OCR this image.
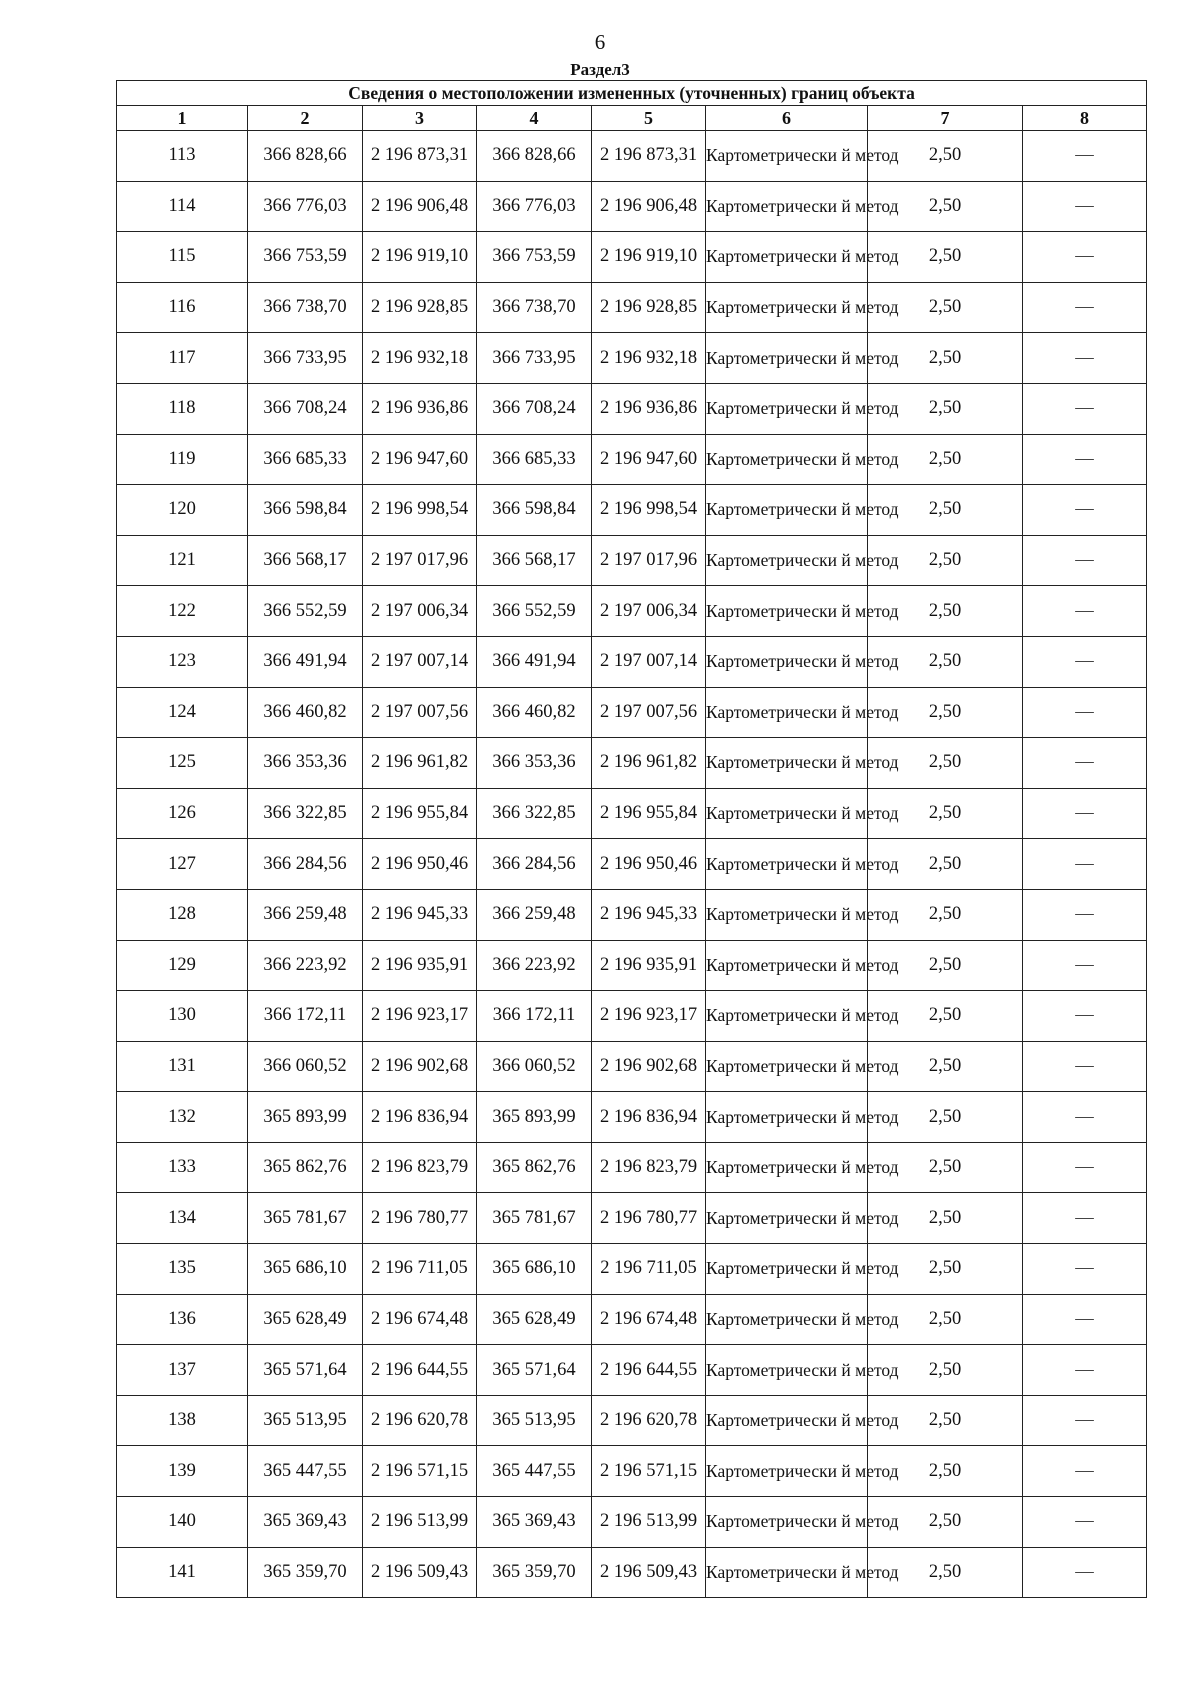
6
Раздел3
Сведения о местоположении измененных (уточненных) границ объекта							
1	2	3	4	5	6	7	8
113	366 828,66	2 196 873,31	366 828,66	2 196 873,31	Картометрически й метод	2,50	—
114	366 776,03	2 196 906,48	366 776,03	2 196 906,48	Картометрически й метод	2,50	—
115	366 753,59	2 196 919,10	366 753,59	2 196 919,10	Картометрически й метод	2,50	—
116	366 738,70	2 196 928,85	366 738,70	2 196 928,85	Картометрически й метод	2,50	—
117	366 733,95	2 196 932,18	366 733,95	2 196 932,18	Картометрически й метод	2,50	—
118	366 708,24	2 196 936,86	366 708,24	2 196 936,86	Картометрически й метод	2,50	—
119	366 685,33	2 196 947,60	366 685,33	2 196 947,60	Картометрически й метод	2,50	—
120	366 598,84	2 196 998,54	366 598,84	2 196 998,54	Картометрически й метод	2,50	—
121	366 568,17	2 197 017,96	366 568,17	2 197 017,96	Картометрически й метод	2,50	—
122	366 552,59	2 197 006,34	366 552,59	2 197 006,34	Картометрически й метод	2,50	—
123	366 491,94	2 197 007,14	366 491,94	2 197 007,14	Картометрически й метод	2,50	—
124	366 460,82	2 197 007,56	366 460,82	2 197 007,56	Картометрически й метод	2,50	—
125	366 353,36	2 196 961,82	366 353,36	2 196 961,82	Картометрически й метод	2,50	—
126	366 322,85	2 196 955,84	366 322,85	2 196 955,84	Картометрически й метод	2,50	—
127	366 284,56	2 196 950,46	366 284,56	2 196 950,46	Картометрически й метод	2,50	—
128	366 259,48	2 196 945,33	366 259,48	2 196 945,33	Картометрически й метод	2,50	—
129	366 223,92	2 196 935,91	366 223,92	2 196 935,91	Картометрически й метод	2,50	—
130	366 172,11	2 196 923,17	366 172,11	2 196 923,17	Картометрически й метод	2,50	—
131	366 060,52	2 196 902,68	366 060,52	2 196 902,68	Картометрически й метод	2,50	—
132	365 893,99	2 196 836,94	365 893,99	2 196 836,94	Картометрически й метод	2,50	—
133	365 862,76	2 196 823,79	365 862,76	2 196 823,79	Картометрически й метод	2,50	—
134	365 781,67	2 196 780,77	365 781,67	2 196 780,77	Картометрически й метод	2,50	—
135	365 686,10	2 196 711,05	365 686,10	2 196 711,05	Картометрически й метод	2,50	—
136	365 628,49	2 196 674,48	365 628,49	2 196 674,48	Картометрически й метод	2,50	—
137	365 571,64	2 196 644,55	365 571,64	2 196 644,55	Картометрически й метод	2,50	—
138	365 513,95	2 196 620,78	365 513,95	2 196 620,78	Картометрически й метод	2,50	—
139	365 447,55	2 196 571,15	365 447,55	2 196 571,15	Картометрически й метод	2,50	—
140	365 369,43	2 196 513,99	365 369,43	2 196 513,99	Картометрически й метод	2,50	—
141	365 359,70	2 196 509,43	365 359,70	2 196 509,43	Картометрически й метод	2,50	—
